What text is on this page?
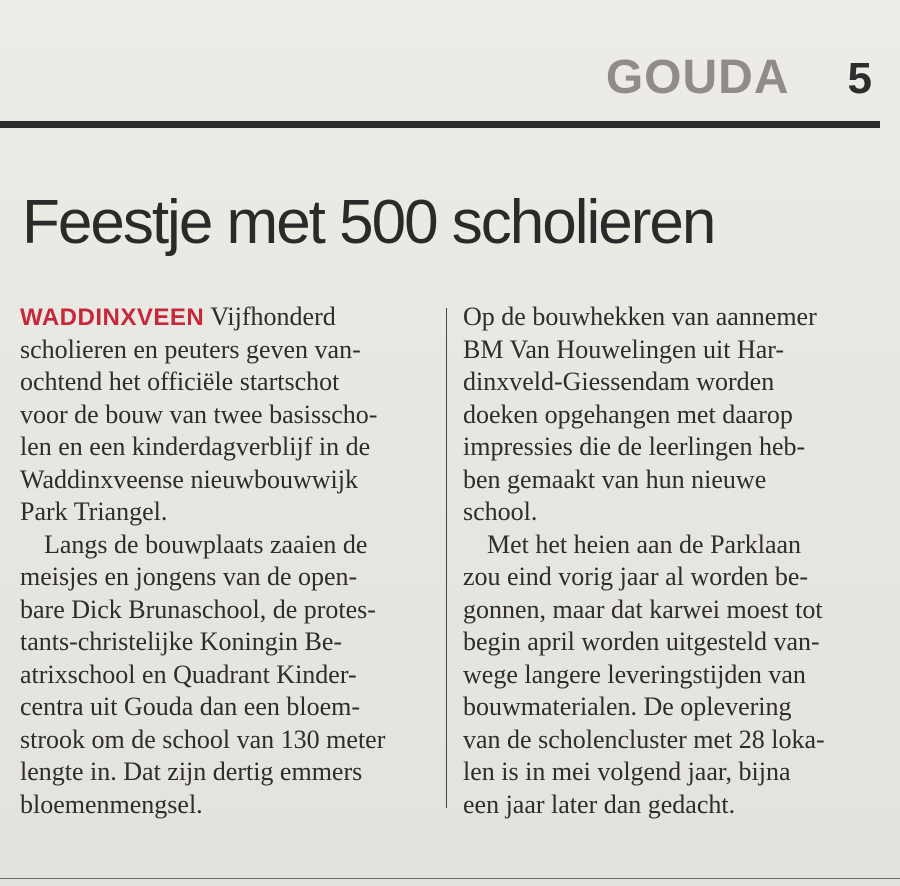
GOUDA 5
Feestje met 500 scholieren
WADDINXVEEN Vijfhonderd
scholieren en peuters geven van-
ochtend het officiële startschot
voor de bouw van twee basisscho-
len en een kinderdagverblijf in de
Waddinxveense nieuwbouwwijk
Park Triangel.
Langs de bouwplaats zaaien de
meisjes en jongens van de open-
bare Dick Brunaschool, de protes-
tants-christelijke Koningin Be-
atrixschool en Quadrant Kinder-
centra uit Gouda dan een bloem-
strook om de school van 130 meter
lengte in. Dat zijn dertig emmers
bloemenmengsel.
Op de bouwhekken van aannemer
BM Van Houwelingen uit Har-
dinxveld-Giessendam worden
doeken opgehangen met daarop
impressies die de leerlingen heb-
ben gemaakt van hun nieuwe
school.
Met het heien aan de Parklaan
zou eind vorig jaar al worden be-
gonnen, maar dat karwei moest tot
begin april worden uitgesteld van-
wege langere leveringstijden van
bouwmaterialen. De oplevering
van de scholencluster met 28 loka-
len is in mei volgend jaar, bijna
een jaar later dan gedacht.
